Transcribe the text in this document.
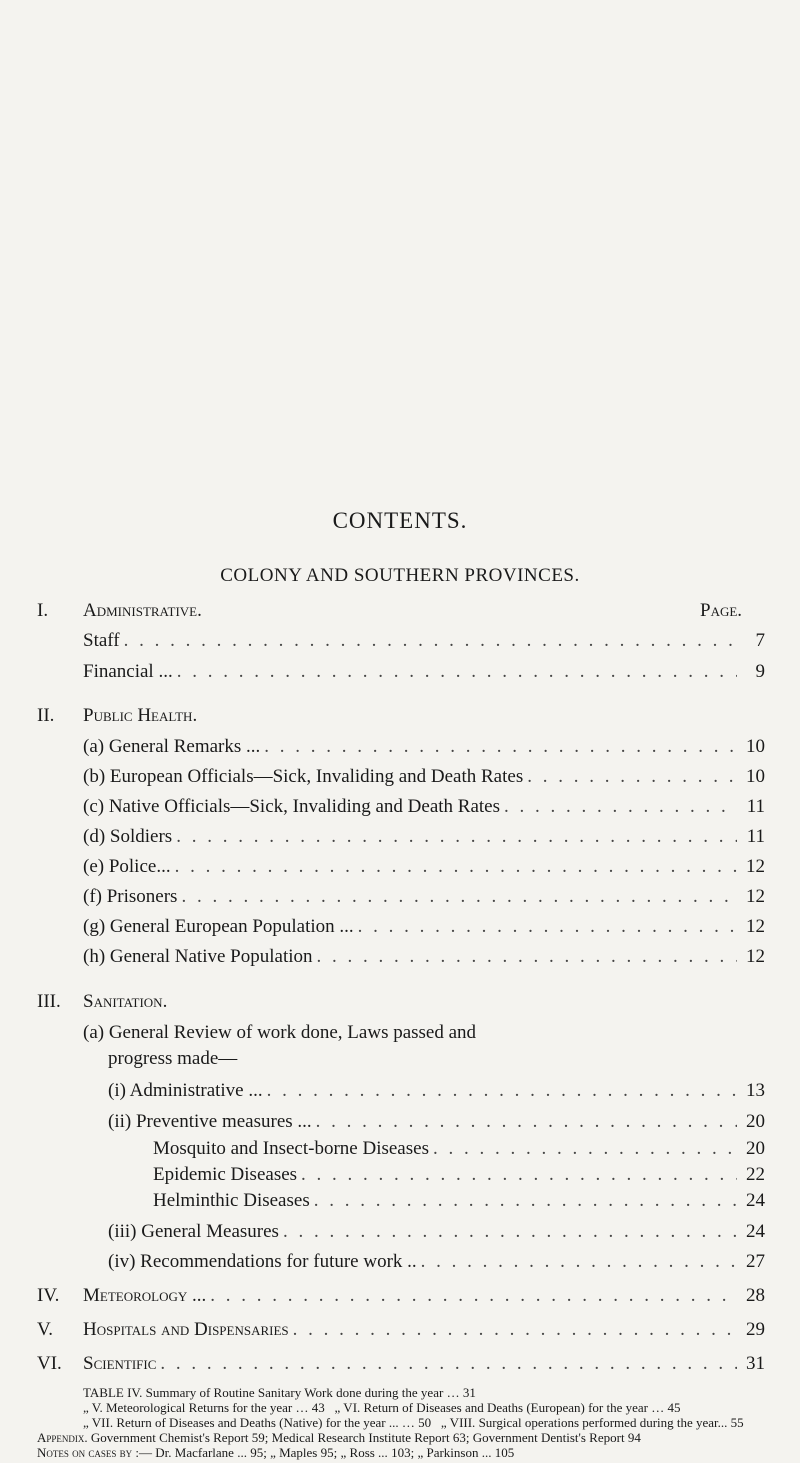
CONTENTS.
COLONY AND SOUTHERN PROVINCES.
Page.
I. Administrative.
Staff . . .	7
Financial ... . . .	9
II. Public Health.
(a) General Remarks ... . . .	10
(b) European Officials—Sick, Invaliding and Death Rates . . .	10
(c) Native Officials—Sick, Invaliding and Death Rates . . .	11
(d) Soldiers . . .	11
(e) Police... . . .	12
(f) Prisoners . . .	12
(g) General European Population ... . . .	12
(h) General Native Population . . .	12
III. Sanitation.
(a) General Review of work done, Laws passed and
progress made—
(i) Administrative ... . . .	13
(ii) Preventive measures ... . . .	20
Mosquito and Insect-borne Diseases . . .	20
Epidemic Diseases . . .	22
Helminthic Diseases . . .	24
(iii) General Measures . . .	24
(iv) Recommendations for future work .. . . .	27
IV. Meteorology ... . . .	28
V. Hospitals and Dispensaries . . .	29
VI. Scientific . . .	31
TABLE IV. Summary of Routine Sanitary Work done during the year … 31
„ V. Meteorological Returns for the year … 43 „ VI. Return of Diseases and Deaths (European) for the year … 45
„ VII. Return of Diseases and Deaths (Native) for the year ... … 50 „ VIII. Surgical operations performed during the year... 55
Appendix. Government Chemist's Report 59; Medical Research Institute Report 63; Government Dentist's Report 94
Notes on cases by :— Dr. Macfarlane ... 95; „ Maples 95; „ Ross ... 103; „ Parkinson ... 105
